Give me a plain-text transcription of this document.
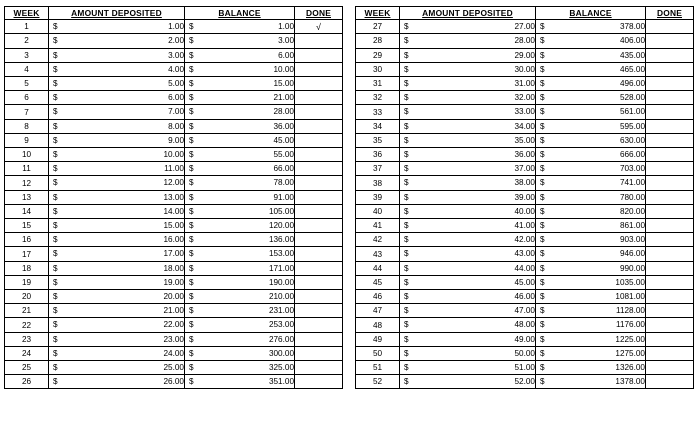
WEEK	AMOUNT DEPOSITED	BALANCE	DONE
1	$ 1.00	$ 1.00	√
2	$ 2.00	$ 3.00	

3	$ 3.00	$ 6.00	

4	$ 4.00	$ 10.00	

5	$ 5.00	$ 15.00	

6	$ 6.00	$ 21.00	

7	$ 7.00	$ 28.00	

8	$ 8.00	$ 36.00	

9	$ 9.00	$ 45.00	

10	$ 10.00	$ 55.00	

11	$ 11.00	$ 66.00	

12	$ 12.00	$ 78.00	

13	$ 13.00	$ 91.00	

14	$ 14.00	$ 105.00	

15	$ 15.00	$ 120.00	

16	$ 16.00	$ 136.00	

17	$ 17.00	$ 153.00	

18	$ 18.00	$ 171.00	

19	$ 19.00	$ 190.00	

20	$ 20.00	$ 210.00	

21	$ 21.00	$ 231.00	

22	$ 22.00	$ 253.00	

23	$ 23.00	$ 276.00	

24	$ 24.00	$ 300.00	

25	$ 25.00	$ 325.00	

26	$ 26.00	$ 351.00	

WEEK	AMOUNT DEPOSITED	BALANCE	DONE
27	$ 27.00	$ 378.00	

28	$ 28.00	$ 406.00	

29	$ 29.00	$ 435.00	

30	$ 30.00	$ 465.00	

31	$ 31.00	$ 496.00	

32	$ 32.00	$ 528.00	

33	$ 33.00	$ 561.00	

34	$ 34.00	$ 595.00	

35	$ 35.00	$ 630.00	

36	$ 36.00	$ 666.00	

37	$ 37.00	$ 703.00	

38	$ 38.00	$ 741.00	

39	$ 39.00	$ 780.00	

40	$ 40.00	$ 820.00	

41	$ 41.00	$ 861.00	

42	$ 42.00	$ 903.00	

43	$ 43.00	$ 946.00	

44	$ 44.00	$ 990.00	

45	$ 45.00	$ 1035.00	

46	$ 46.00	$ 1081.00	

47	$ 47.00	$ 1128.00	

48	$ 48.00	$ 1176.00	

49	$ 49.00	$ 1225.00	

50	$ 50.00	$ 1275.00	

51	$ 51.00	$ 1326.00	

52	$ 52.00	$ 1378.00	
